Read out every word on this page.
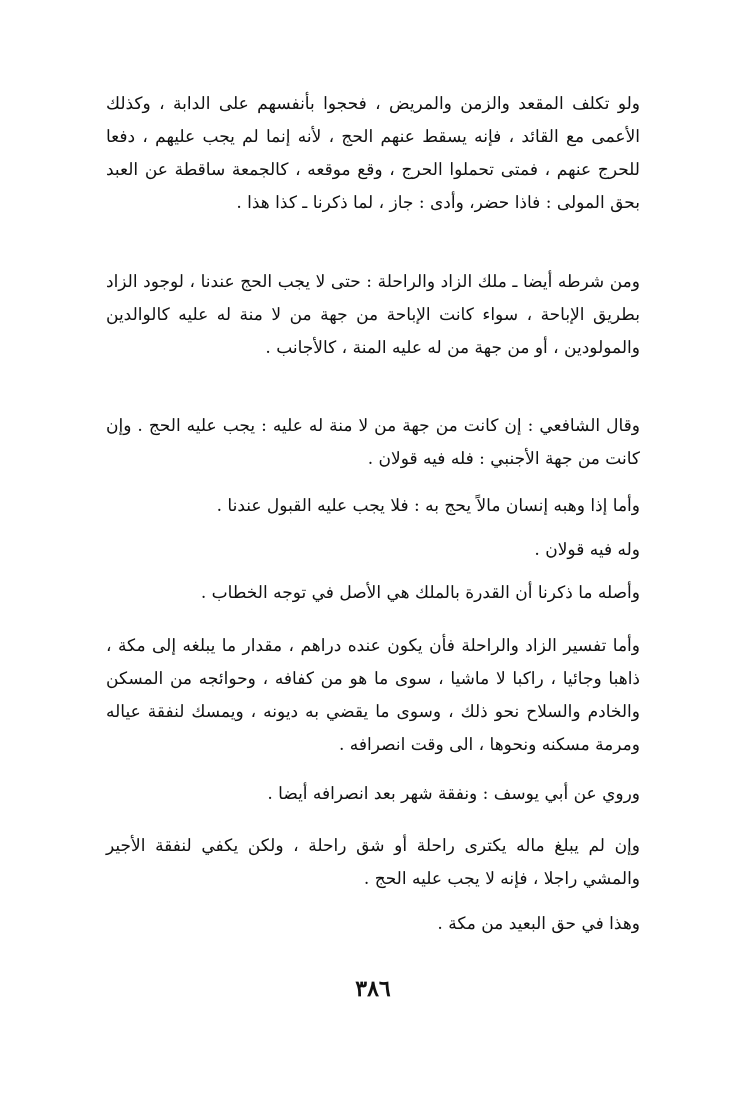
ولو تكلف المقعد والزمن والمريض ، فحجوا بأنفسهم على الدابة ، وكذلك الأعمى مع القائد ، فإنه يسقط عنهم الحج ، لأنه إنما لم يجب عليهم ، دفعا للحرج عنهم ، فمتى تحملوا الحرج ، وقع موقعه ، كالجمعة ساقطة عن العبد بحق المولى : فاذا حضر، وأدى : جاز ، لما ذكرنا ـ كذا هذا .

ومن شرطه أيضا ـ ملك الزاد والراحلة : حتى لا يجب الحج عندنا ، لوجود الزاد بطريق الإباحة ، سواء كانت الإباحة من جهة من لا منة له عليه كالوالدين والمولودين ، أو من جهة من له عليه المنة ، كالأجانب .

وقال الشافعي : إن كانت من جهة من لا منة له عليه : يجب عليه الحج . وإن كانت من جهة الأجنبي : فله فيه قولان .

وأما إذا وهبه إنسان مالاً يحج به : فلا يجب عليه القبول عندنا .

وله فيه قولان .

وأصله ما ذكرنا أن القدرة بالملك هي الأصل في توجه الخطاب .

وأما تفسير الزاد والراحلة فأن يكون عنده دراهم ، مقدار ما يبلغه إلى مكة ، ذاهبا وجائيا ، راكبا لا ماشيا ، سوى ما هو من كفافه ، وحوائجه من المسكن والخادم والسلاح نحو ذلك ، وسوى ما يقضي به ديونه ، ويمسك لنفقة عياله ومرمة مسكنه ونحوها ، الى وقت انصرافه .

وروي عن أبي يوسف : ونفقة شهر بعد انصرافه أيضا .

وإن لم يبلغ ماله يكترى راحلة أو شق راحلة ، ولكن يكفي لنفقة الأجير والمشي راجلا ، فإنه لا يجب عليه الحج .

وهذا في حق البعيد من مكة .

٣٨٦
